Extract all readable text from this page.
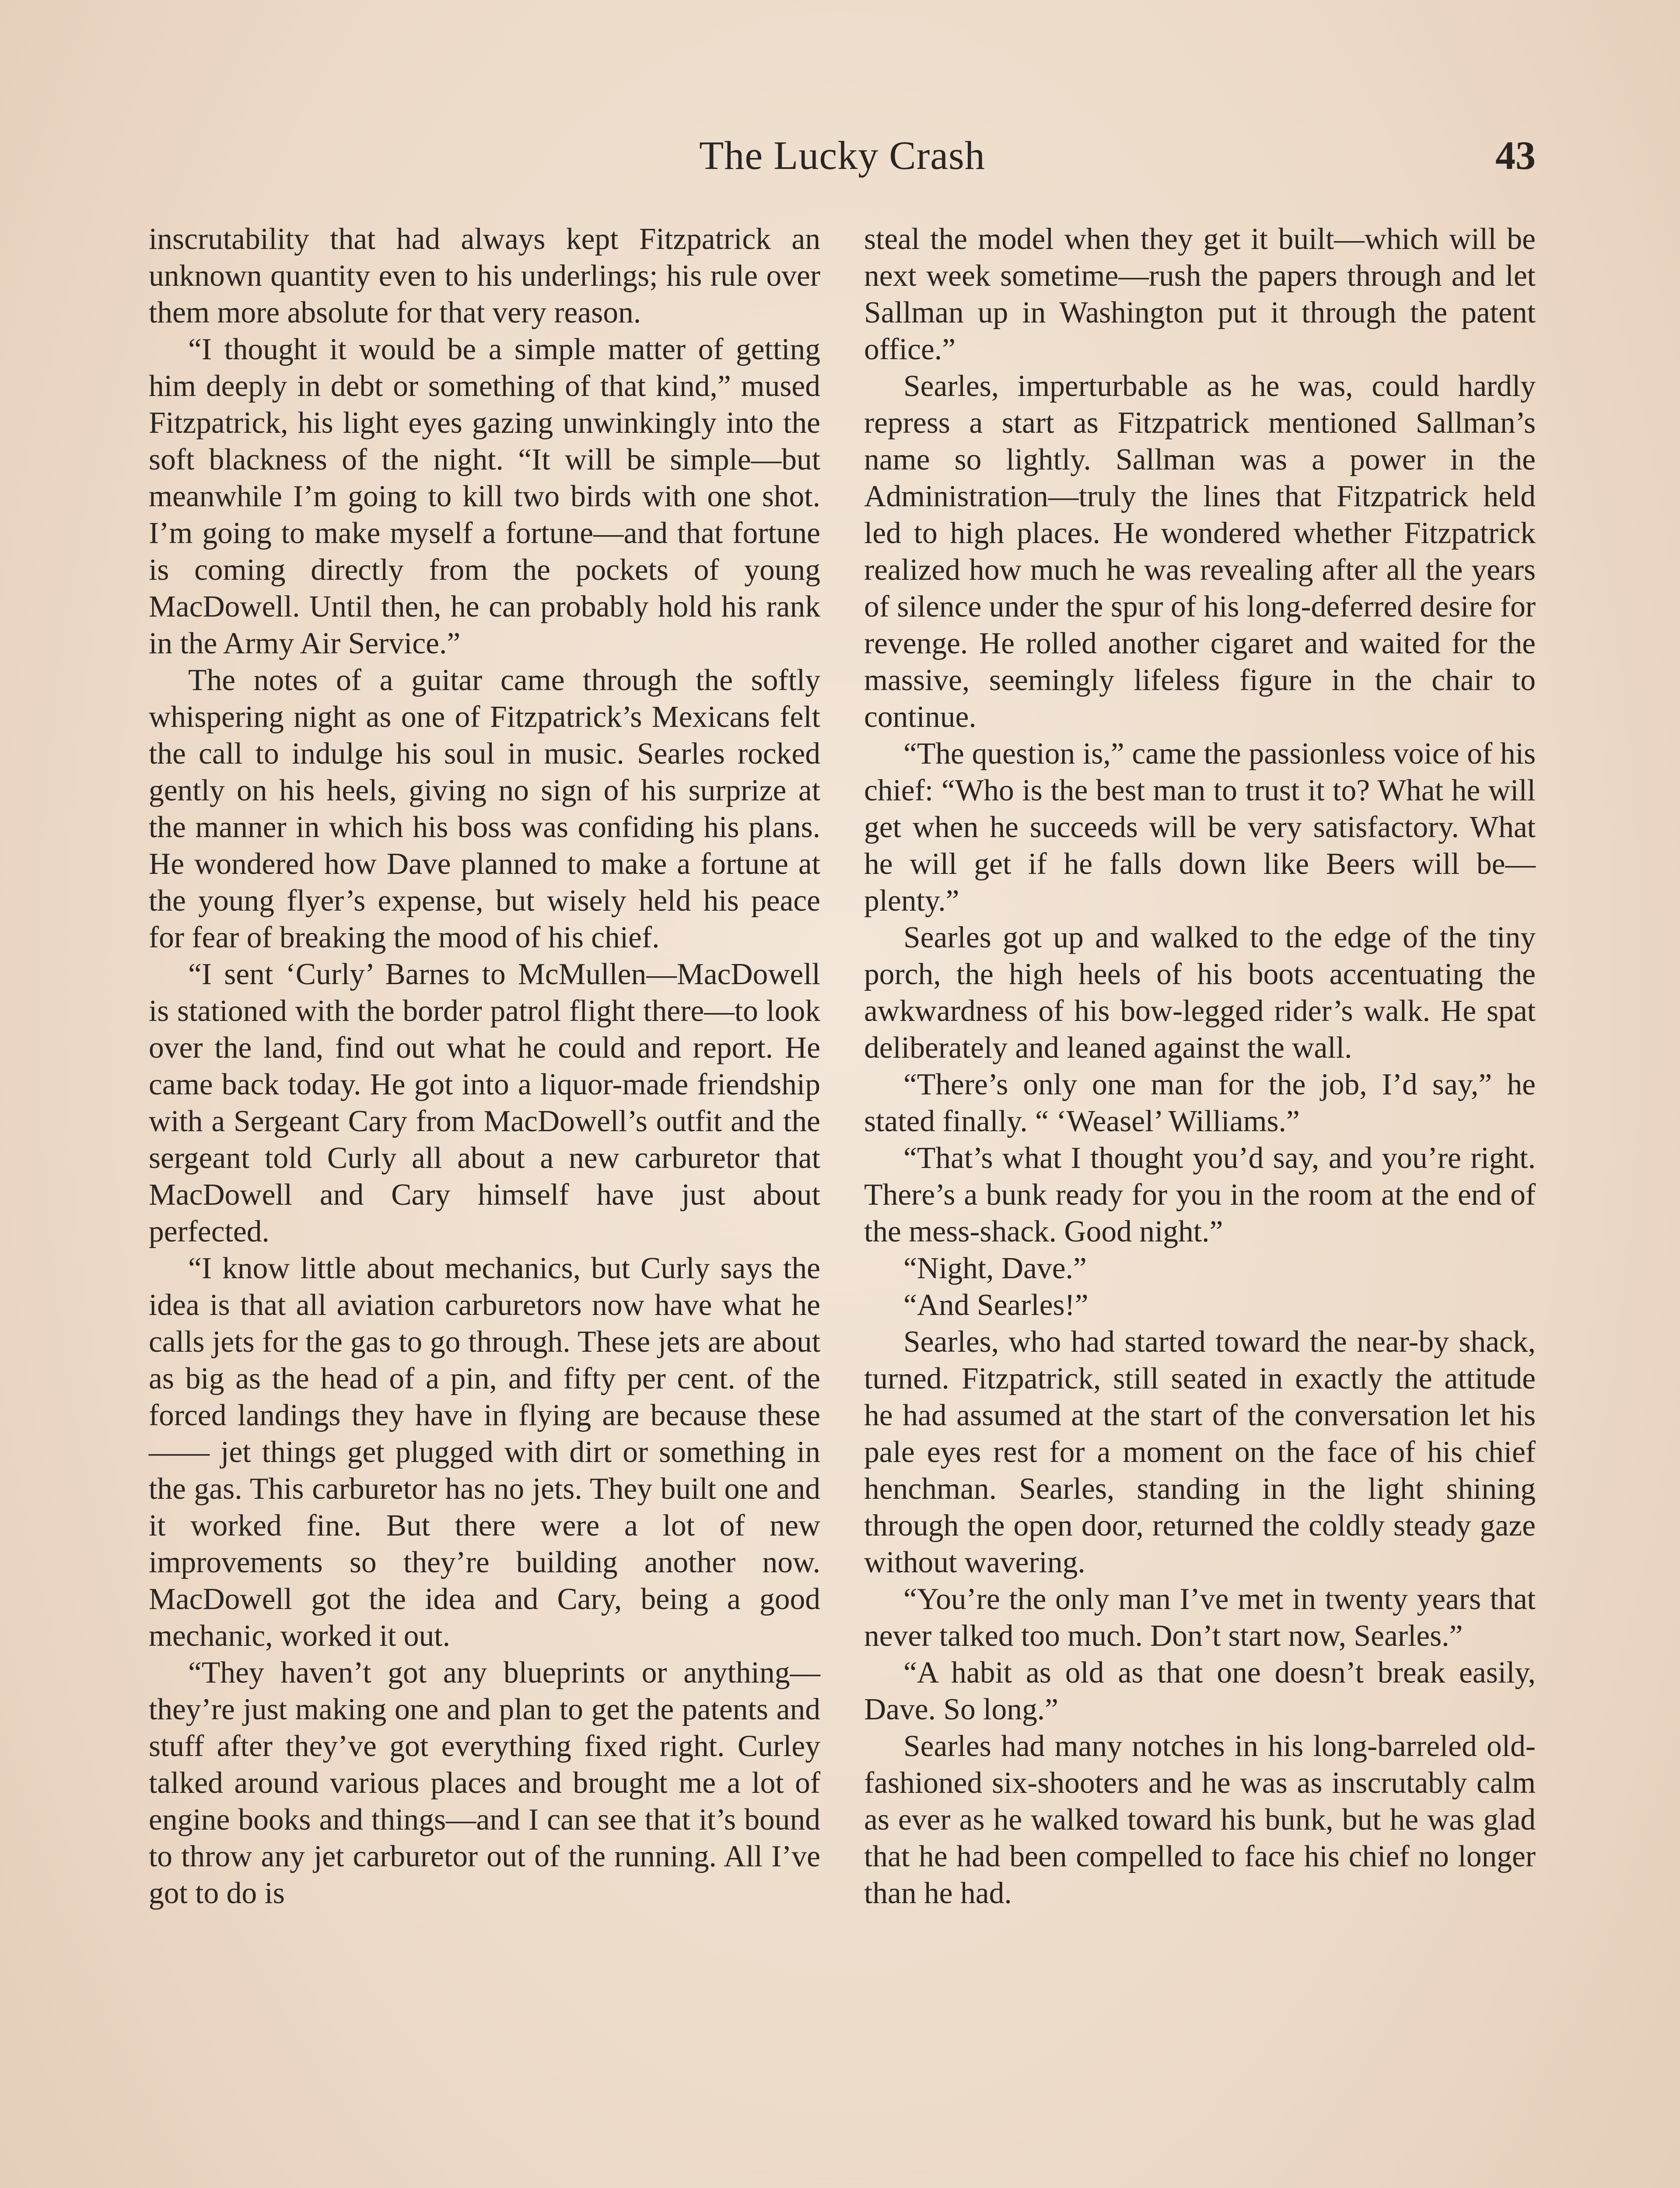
The Lucky Crash	43

inscrutability that had always kept Fitzpatrick an unknown quantity even to his underlings; his rule over them more absolute for that very reason.

“I thought it would be a simple matter of getting him deeply in debt or something of that kind,” mused Fitzpatrick, his light eyes gazing unwinkingly into the soft blackness of the night. “It will be simple—but meanwhile I’m going to kill two birds with one shot. I’m going to make myself a fortune—and that fortune is coming directly from the pockets of young MacDowell. Until then, he can probably hold his rank in the Army Air Service.”

The notes of a guitar came through the softly whispering night as one of Fitzpatrick’s Mexicans felt the call to indulge his soul in music. Searles rocked gently on his heels, giving no sign of his surprize at the manner in which his boss was confiding his plans. He wondered how Dave planned to make a fortune at the young flyer’s expense, but wisely held his peace for fear of breaking the mood of his chief.

“I sent ‘Curly’ Barnes to McMullen—MacDowell is stationed with the border patrol flight there—to look over the land, find out what he could and report. He came back today. He got into a liquor-made friendship with a Sergeant Cary from MacDowell’s outfit and the sergeant told Curly all about a new carburetor that MacDowell and Cary himself have just about perfected.

“I know little about mechanics, but Curly says the idea is that all aviation carburetors now have what he calls jets for the gas to go through. These jets are about as big as the head of a pin, and fifty per cent. of the forced landings they have in flying are because these —— jet things get plugged with dirt or something in the gas. This carburetor has no jets. They built one and it worked fine. But there were a lot of new improvements so they’re building another now. MacDowell got the idea and Cary, being a good mechanic, worked it out.

“They haven’t got any blueprints or anything—they’re just making one and plan to get the patents and stuff after they’ve got everything fixed right. Curley talked around various places and brought me a lot of engine books and things—and I can see that it’s bound to throw any jet carburetor out of the running. All I’ve got to do is

steal the model when they get it built—which will be next week sometime—rush the papers through and let Sallman up in Washington put it through the patent office.”

Searles, imperturbable as he was, could hardly repress a start as Fitzpatrick mentioned Sallman’s name so lightly. Sallman was a power in the Administration—truly the lines that Fitzpatrick held led to high places. He wondered whether Fitzpatrick realized how much he was revealing after all the years of silence under the spur of his long-deferred desire for revenge. He rolled another cigaret and waited for the massive, seemingly lifeless figure in the chair to continue.

“The question is,” came the passionless voice of his chief: “Who is the best man to trust it to? What he will get when he succeeds will be very satisfactory. What he will get if he falls down like Beers will be—plenty.”

Searles got up and walked to the edge of the tiny porch, the high heels of his boots accentuating the awkwardness of his bow-legged rider’s walk. He spat deliberately and leaned against the wall.

“There’s only one man for the job, I’d say,” he stated finally. “ ‘Weasel’ Williams.”

“That’s what I thought you’d say, and you’re right. There’s a bunk ready for you in the room at the end of the mess-shack. Good night.”

“Night, Dave.”

“And Searles!”

Searles, who had started toward the near-by shack, turned. Fitzpatrick, still seated in exactly the attitude he had assumed at the start of the conversation let his pale eyes rest for a moment on the face of his chief henchman. Searles, standing in the light shining through the open door, returned the coldly steady gaze without wavering.

“You’re the only man I’ve met in twenty years that never talked too much. Don’t start now, Searles.”

“A habit as old as that one doesn’t break easily, Dave. So long.”

Searles had many notches in his long-barreled old-fashioned six-shooters and he was as inscrutably calm as ever as he walked toward his bunk, but he was glad that he had been compelled to face his chief no longer than he had.
